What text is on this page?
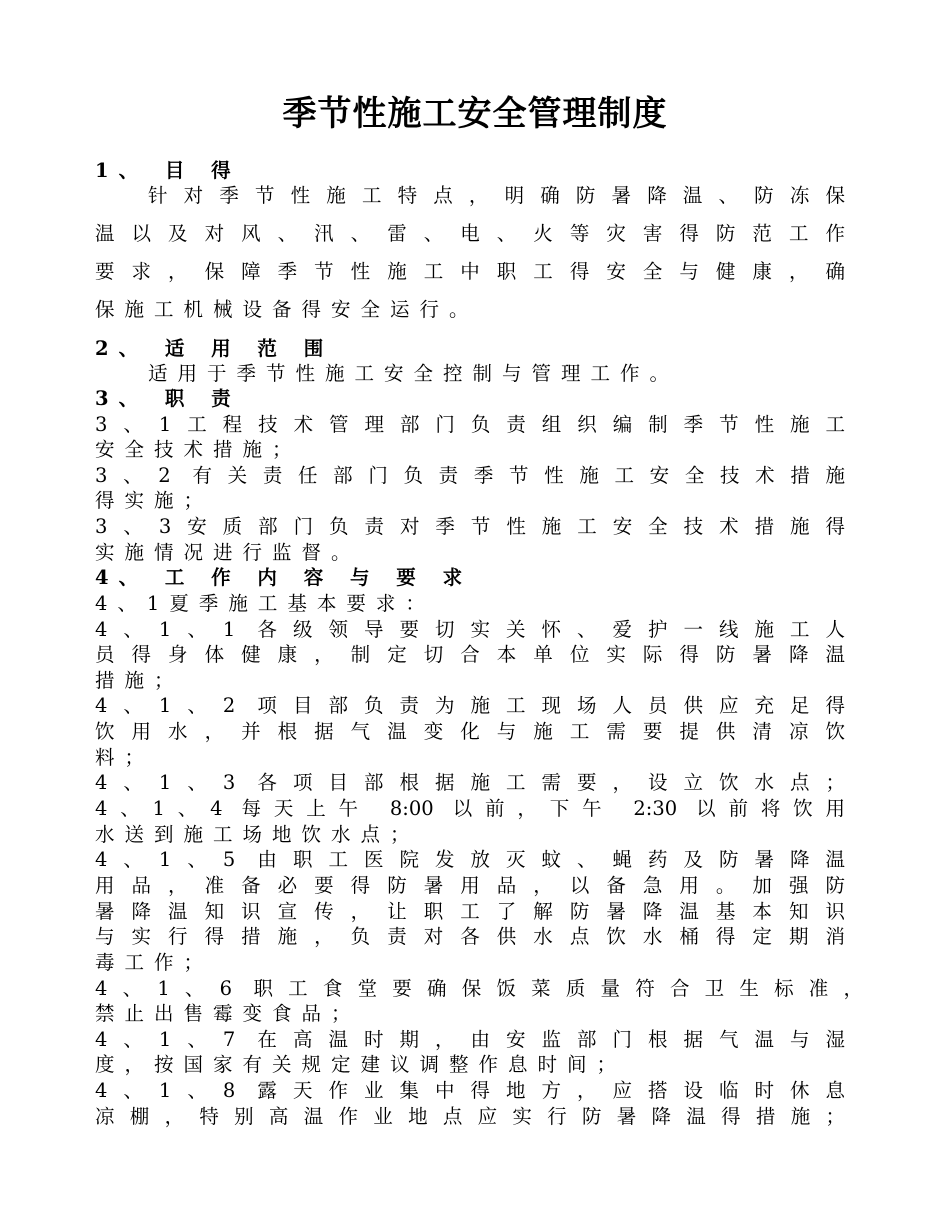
季节性施工安全管理制度
1、 目 得
针对季节性施工特点，明确防暑降温、防冻保
温以及对风、汛、雷、电、火等灾害得防范工作
要求，保障季节性施工中职工得安全与健康，确
保施工机械设备得安全运行。
2、 适 用 范 围
适用于季节性施工安全控制与管理工作。
3、 职 责
3、1工程技术管理部门负责组织编制季节性施工
安全技术措施；
3、2 有关责任部门负责季节性施工安全技术措施
得实施；
3、3安质部门负责对季节性施工安全技术措施得
实施情况进行监督。
4、 工 作 内 容 与 要 求
4、1夏季施工基本要求：
4、1、1 各级领导要切实关怀、爱护一线施工人
员得身体健康，制定切合本单位实际得防暑降温
措施；
4、1、2 项目部负责为施工现场人员供应充足得
饮用水，并根据气温变化与施工需要提供清凉饮
料；
4、1、3 各项目部根据施工需要，设立饮水点；
4、1、4 每天上午 8:00 以前，下午 2:30 以前将饮用
水送到施工场地饮水点；
4、1、5 由职工医院发放灭蚊、蝇药及防暑降温
用品，准备必要得防暑用品，以备急用。加强防
暑降温知识宣传，让职工了解防暑降温基本知识
与实行得措施，负责对各供水点饮水桶得定期消
毒工作；
4、1、6 职工食堂要确保饭菜质量符合卫生标准，
禁止出售霉变食品；
4、1、7 在高温时期，由安监部门根据气温与湿
度，按国家有关规定建议调整作息时间；
4、1、8 露天作业集中得地方，应搭设临时休息
凉棚，特别高温作业地点应实行防暑降温得措施；
